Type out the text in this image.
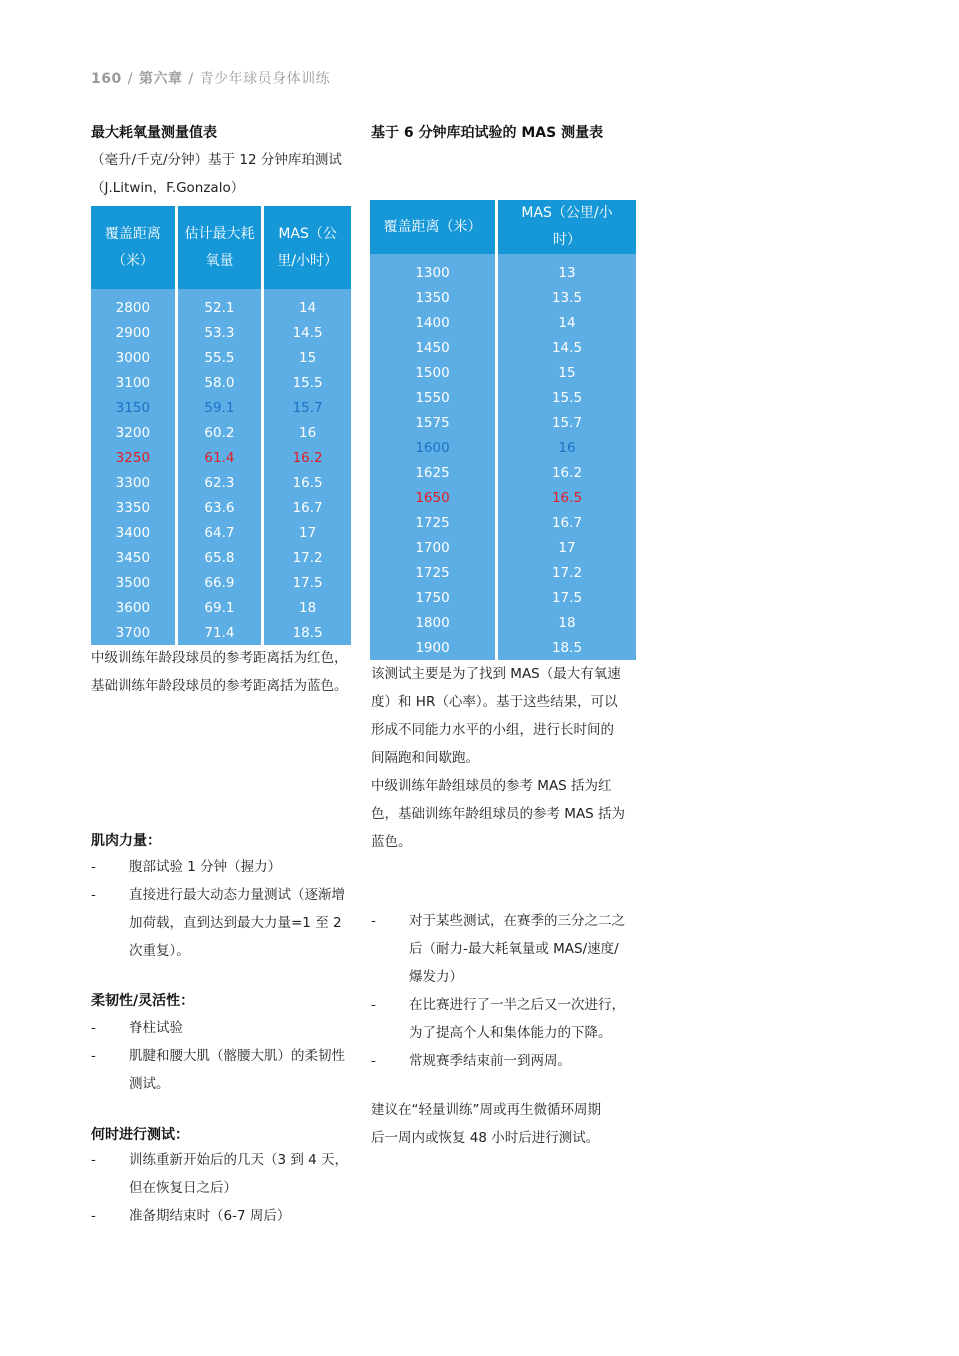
160 / 第六章 / 青少年球员身体训练
最大耗氧量测量值表
（毫升/千克/分钟）基于 12 分钟库珀测试
（J.Litwin，F.Gonzalo）
覆盖距离（米）	估计最大耗氧量	MAS（公里/小时）

2800	52.1	14
2900	53.3	14.5
3000	55.5	15
3100	58.0	15.5
3150	59.1	15.7
3200	60.2	16
3250	61.4	16.2
3300	62.3	16.5
3350	63.6	16.7
3400	64.7	17
3450	65.8	17.2
3500	66.9	17.5
3600	69.1	18
3700	71.4	18.5
中级训练年龄段球员的参考距离括为红色，
基础训练年龄段球员的参考距离括为蓝色。
肌肉力量：
- 腹部试验 1 分钟（握力）
- 直接进行最大动态力量测试（逐渐增
加荷载，直到达到最大力量=1 至 2
次重复）。
柔韧性/灵活性：
- 脊柱试验
- 肌腱和腰大肌（髂腰大肌）的柔韧性
测试。
何时进行测试：
- 训练重新开始后的几天（3 到 4 天，
但在恢复日之后）
- 准备期结束时（6-7 周后）
基于 6 分钟库珀试验的 MAS 测量表
覆盖距离（米）	MAS（公里/小时）

1300	13
1350	13.5
1400	14
1450	14.5
1500	15
1550	15.5
1575	15.7
1600	16
1625	16.2
1650	16.5
1725	16.7
1700	17
1725	17.2
1750	17.5
1800	18
1900	18.5
该测试主要是为了找到 MAS（最大有氧速
度）和 HR（心率）。基于这些结果，可以
形成不同能力水平的小组，进行长时间的
间隔跑和间歇跑。
中级训练年龄组球员的参考 MAS 括为红
色，基础训练年龄组球员的参考 MAS 括为
蓝色。
- 对于某些测试，在赛季的三分之二之
后（耐力-最大耗氧量或 MAS/速度/
爆发力）
- 在比赛进行了一半之后又一次进行，
为了提高个人和集体能力的下降。
- 常规赛季结束前一到两周。
建议在“轻量训练”周或再生微循环周期
后一周内或恢复 48 小时后进行测试。
